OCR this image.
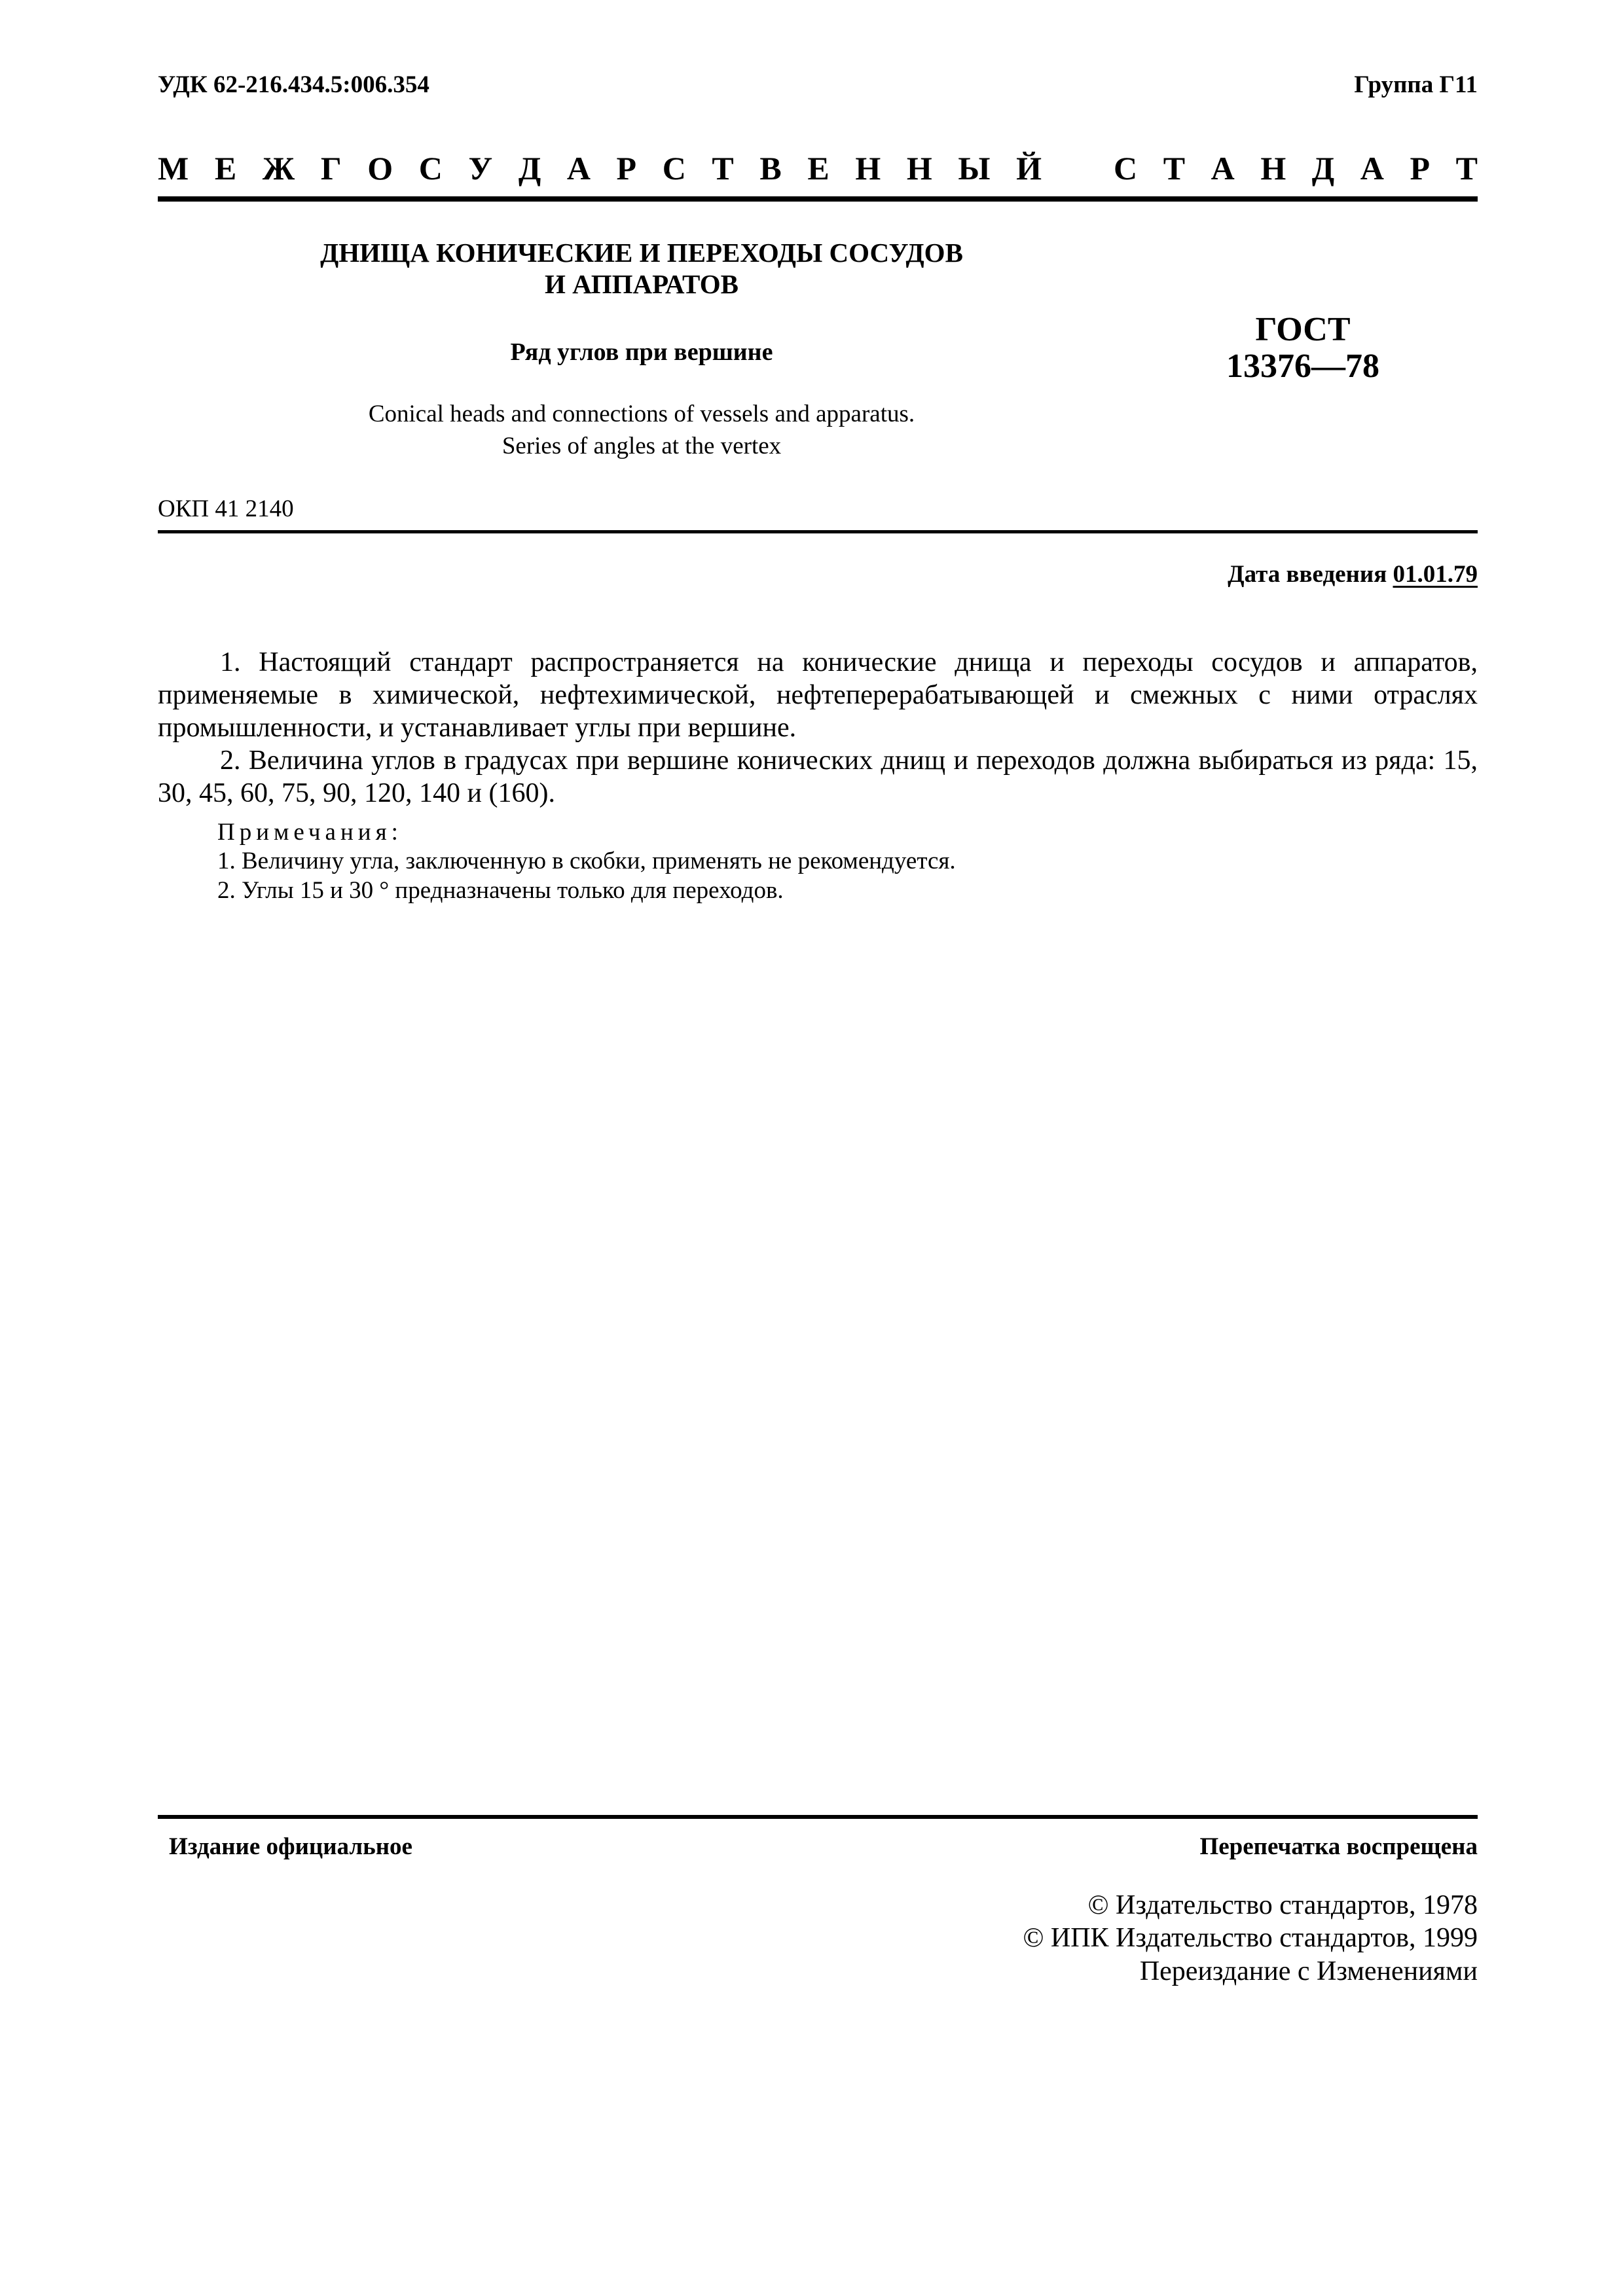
УДК 62-216.434.5:006.354	Группа Г11
М Е Ж Г О С У Д А Р С Т В Е Н Н Ы Й С Т А Н Д А Р Т
ДНИЩА КОНИЧЕСКИЕ И ПЕРЕХОДЫ СОСУДОВ
И АППАРАТОВ
Ряд углов при вершине
Conical heads and connections of vessels and apparatus.
Series of angles at the vertex
ГОСТ
13376—78
ОКП 41 2140
Дата введения 01.01.79

1. Настоящий стандарт распространяется на конические днища и переходы сосудов и аппаратов, применяемые в химической, нефтехимической, нефтеперерабатывающей и смежных с ними отраслях промышленности, и устанавливает углы при вершине.

2. Величина углов в градусах при вершине конических днищ и переходов должна выбираться из ряда: 15, 30, 45, 60, 75, 90, 120, 140 и (160).

Примечания:
1. Величину угла, заключенную в скобки, применять не рекомендуется.
2. Углы 15 и 30 ° предназначены только для переходов.
Издание официальное	Перепечатка воспрещена
© Издательство стандартов, 1978
© ИПК Издательство стандартов, 1999
Переиздание с Изменениями
